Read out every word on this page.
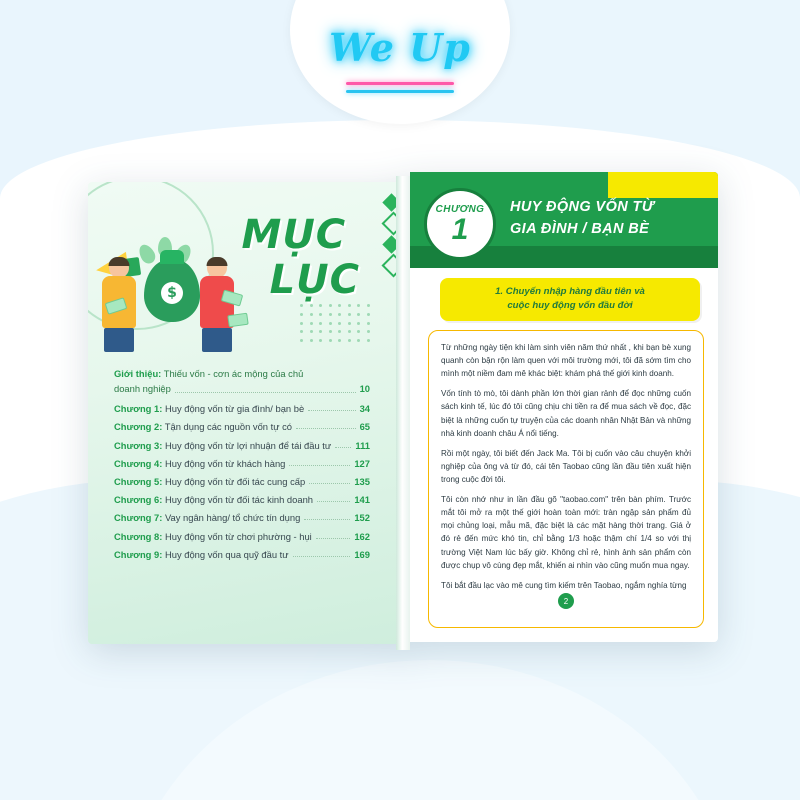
We Up
$
MỤC
LỤC
Giới thiệu: Thiếu vốn - cơn ác mộng của chủ
doanh nghiệp	10
Chương 1: Huy động vốn từ gia đình/ bạn bè	34
Chương 2: Tận dụng các nguồn vốn tự có	65
Chương 3: Huy động vốn từ lợi nhuận để tái đầu tư	111
Chương 4: Huy động vốn từ khách hàng	127
Chương 5: Huy động vốn từ đối tác cung cấp	135
Chương 6: Huy động vốn từ đối tác kinh doanh	141
Chương 7: Vay ngân hàng/ tổ chức tín dụng	152
Chương 8: Huy động vốn từ chơi phường - hụi	162
Chương 9: Huy động vốn qua quỹ đầu tư	169
CHƯƠNG
1
HUY ĐỘNG VỐN TỪ
GIA ĐÌNH / BẠN BÈ
1. Chuyến nhập hàng đầu tiên và
cuộc huy động vốn đầu đời

Từ những ngày tiện khi làm sinh viên năm thứ nhất , khi bạn bè xung quanh còn bận rộn làm quen với môi trường mới, tôi đã sớm tìm cho mình một niềm đam mê khác biệt: khám phá thế giới kinh doanh.

Vốn tính tò mò, tôi dành phần lớn thời gian rảnh để đọc những cuốn sách kinh tế, lúc đó tôi cũng chịu chi tiền ra để mua sách về đọc, đặc biệt là những cuốn tự truyện của các doanh nhân Nhật Bản và những nhà kinh doanh châu Á nổi tiếng.

Rồi một ngày, tôi biết đến Jack Ma. Tôi bị cuốn vào câu chuyện khởi nghiệp của ông và từ đó, cái tên Taobao cũng lần đầu tiên xuất hiện trong cuộc đời tôi.

Tôi còn nhớ như in lần đầu gõ "taobao.com" trên bàn phím. Trước mắt tôi mở ra một thế giới hoàn toàn mới: tràn ngập sản phẩm đủ mọi chủng loại, mẫu mã, đặc biệt là các mặt hàng thời trang. Giá ở đó rẻ đến mức khó tin, chỉ bằng 1/3 hoặc thậm chí 1/4 so với thị trường Việt Nam lúc bấy giờ. Không chỉ rẻ, hình ảnh sản phẩm còn được chụp vô cùng đẹp mắt, khiến ai nhìn vào cũng muốn mua ngay.

Tôi bắt đầu lạc vào mê cung tìm kiếm trên Taobao, ngắm nghía từng

2
